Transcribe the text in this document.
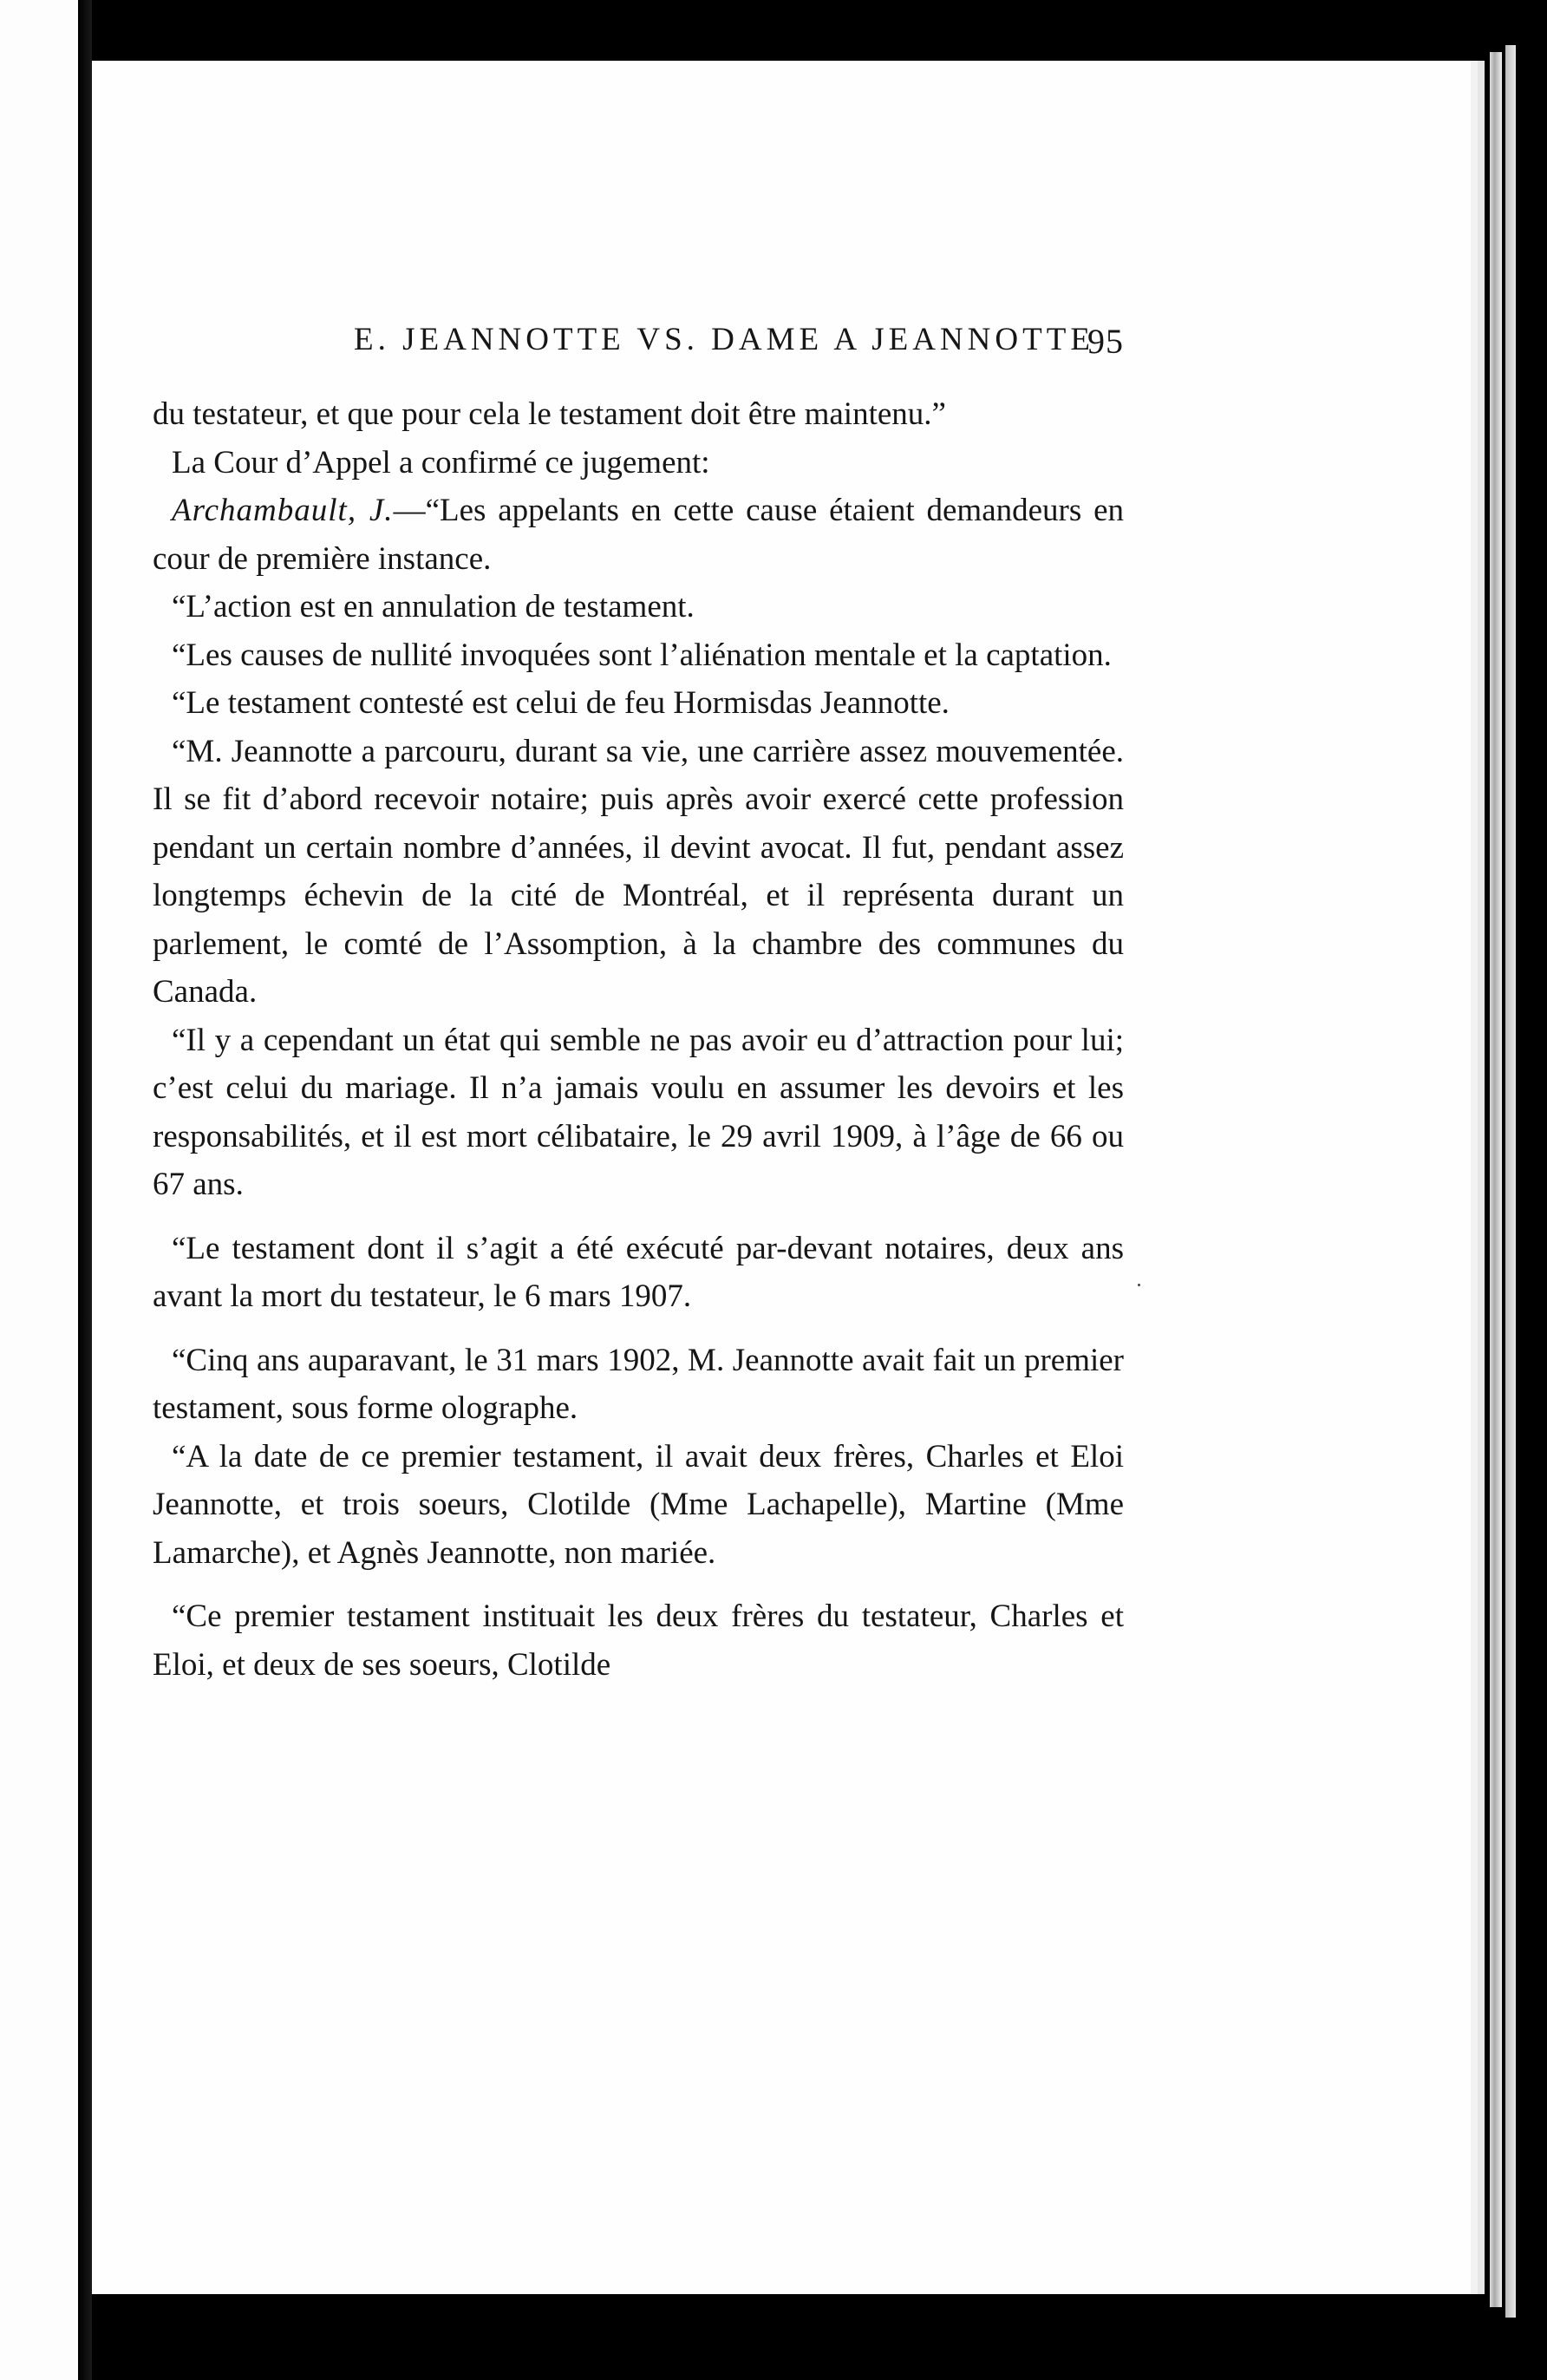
E. JEANNOTTE VS. DAME A JEANNOTTE
95

du testateur, et que pour cela le testament doit être maintenu.”

La Cour d’Appel a confirmé ce jugement:

Archambault, J.—“Les appelants en cette cause étaient demandeurs en cour de première instance.

“L’action est en annulation de testament.

“Les causes de nullité invoquées sont l’aliénation mentale et la captation.

“Le testament contesté est celui de feu Hormisdas Jeannotte.

“M. Jeannotte a parcouru, durant sa vie, une carrière assez mouvementée. Il se fit d’abord recevoir notaire; puis après avoir exercé cette profession pendant un certain nombre d’années, il devint avocat. Il fut, pendant assez longtemps échevin de la cité de Montréal, et il représenta durant un parlement, le comté de l’Assomption, à la chambre des communes du Canada.

“Il y a cependant un état qui semble ne pas avoir eu d’attraction pour lui; c’est celui du mariage. Il n’a jamais voulu en assumer les devoirs et les responsabilités, et il est mort célibataire, le 29 avril 1909, à l’âge de 66 ou 67 ans.

“Le testament dont il s’agit a été exécuté par-devant notaires, deux ans avant la mort du testateur, le 6 mars 1907.

“Cinq ans auparavant, le 31 mars 1902, M. Jeannotte avait fait un premier testament, sous forme olographe.

“A la date de ce premier testament, il avait deux frères, Charles et Eloi Jeannotte, et trois soeurs, Clotilde (Mme Lachapelle), Martine (Mme Lamarche), et Agnès Jeannotte, non mariée.

“Ce premier testament instituait les deux frères du testateur, Charles et Eloi, et deux de ses soeurs, Clotilde
